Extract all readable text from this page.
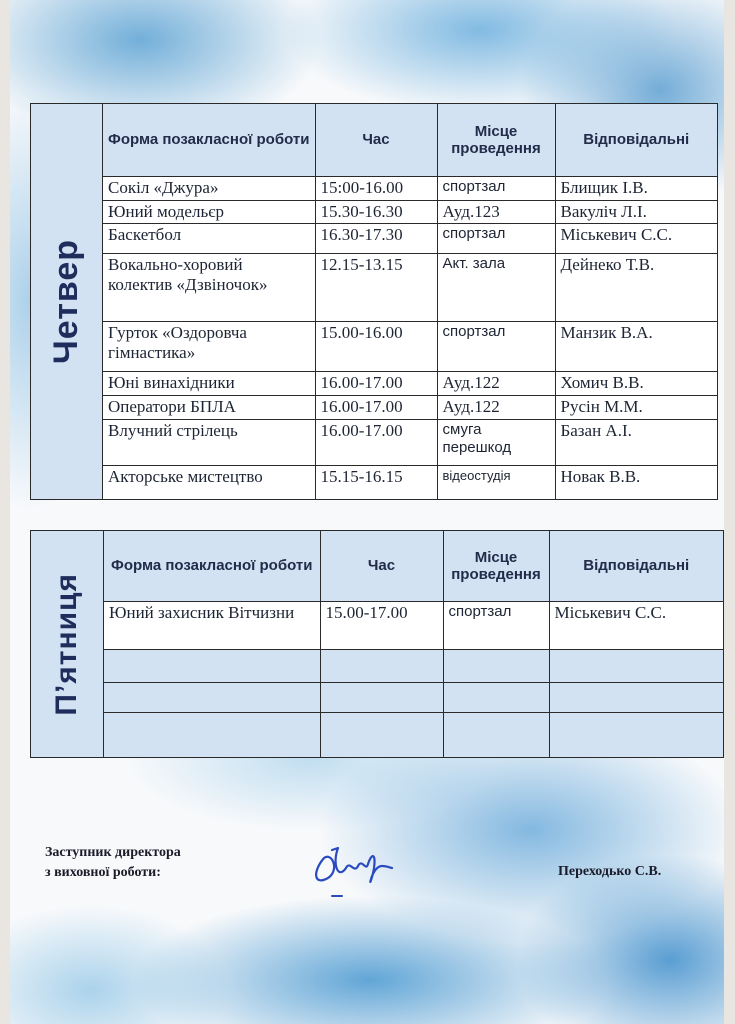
Четвер
Форма позакласної роботи	Час	Місце проведення	Відповідальні
Сокіл «Джура»	15:00-16.00	спортзал	Блищик І.В.
Юний модельєр	15.30-16.30	Ауд.123	Вакуліч Л.І.
Баскетбол	16.30-17.30	спортзал	Міськевич С.С.
Вокально-хоровий колектив «Дзвіночок»	12.15-13.15	Акт. зала	Дейнеко Т.В.
Гурток «Оздоровча гімнастика»	15.00-16.00	спортзал	Манзик В.А.
Юні винахідники	16.00-17.00	Ауд.122	Хомич В.В.
Оператори БПЛА	16.00-17.00	Ауд.122	Русін М.М.
Влучний стрілець	16.00-17.00	смуга перешкод	Базан А.І.
Акторське мистецтво	15.15-16.15	відеостудія	Новак В.В.
П’ятниця
Форма позакласної роботи	Час	Місце проведення	Відповідальні
Юний захисник Вітчизни	15.00-17.00	спортзал	Міськевич С.С.

Заступник директора
з виховної роботи:	Переходько С.В.
